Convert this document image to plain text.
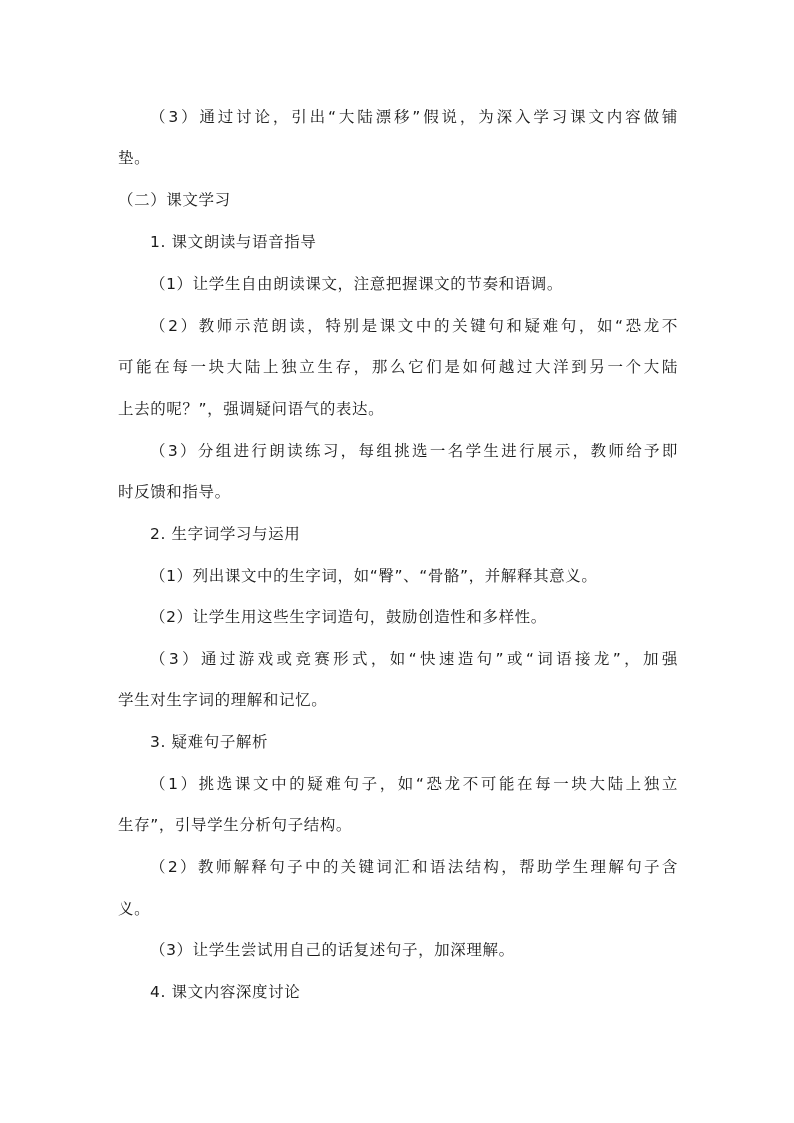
（3）通过讨论，引出“大陆漂移”假说，为深入学习课文内容做铺
垫。
（二）课文学习
1. 课文朗读与语音指导
（1）让学生自由朗读课文，注意把握课文的节奏和语调。
（2）教师示范朗读，特别是课文中的关键句和疑难句，如“恐龙不
可能在每一块大陆上独立生存，那么它们是如何越过大洋到另一个大陆
上去的呢？”，强调疑问语气的表达。
（3）分组进行朗读练习，每组挑选一名学生进行展示，教师给予即
时反馈和指导。
2. 生字词学习与运用
（1）列出课文中的生字词，如“臀”、“骨骼”，并解释其意义。
（2）让学生用这些生字词造句，鼓励创造性和多样性。
（3）通过游戏或竞赛形式，如“快速造句”或“词语接龙”，加强
学生对生字词的理解和记忆。
3. 疑难句子解析
（1）挑选课文中的疑难句子，如“恐龙不可能在每一块大陆上独立
生存”，引导学生分析句子结构。
（2）教师解释句子中的关键词汇和语法结构，帮助学生理解句子含
义。
（3）让学生尝试用自己的话复述句子，加深理解。
4. 课文内容深度讨论
